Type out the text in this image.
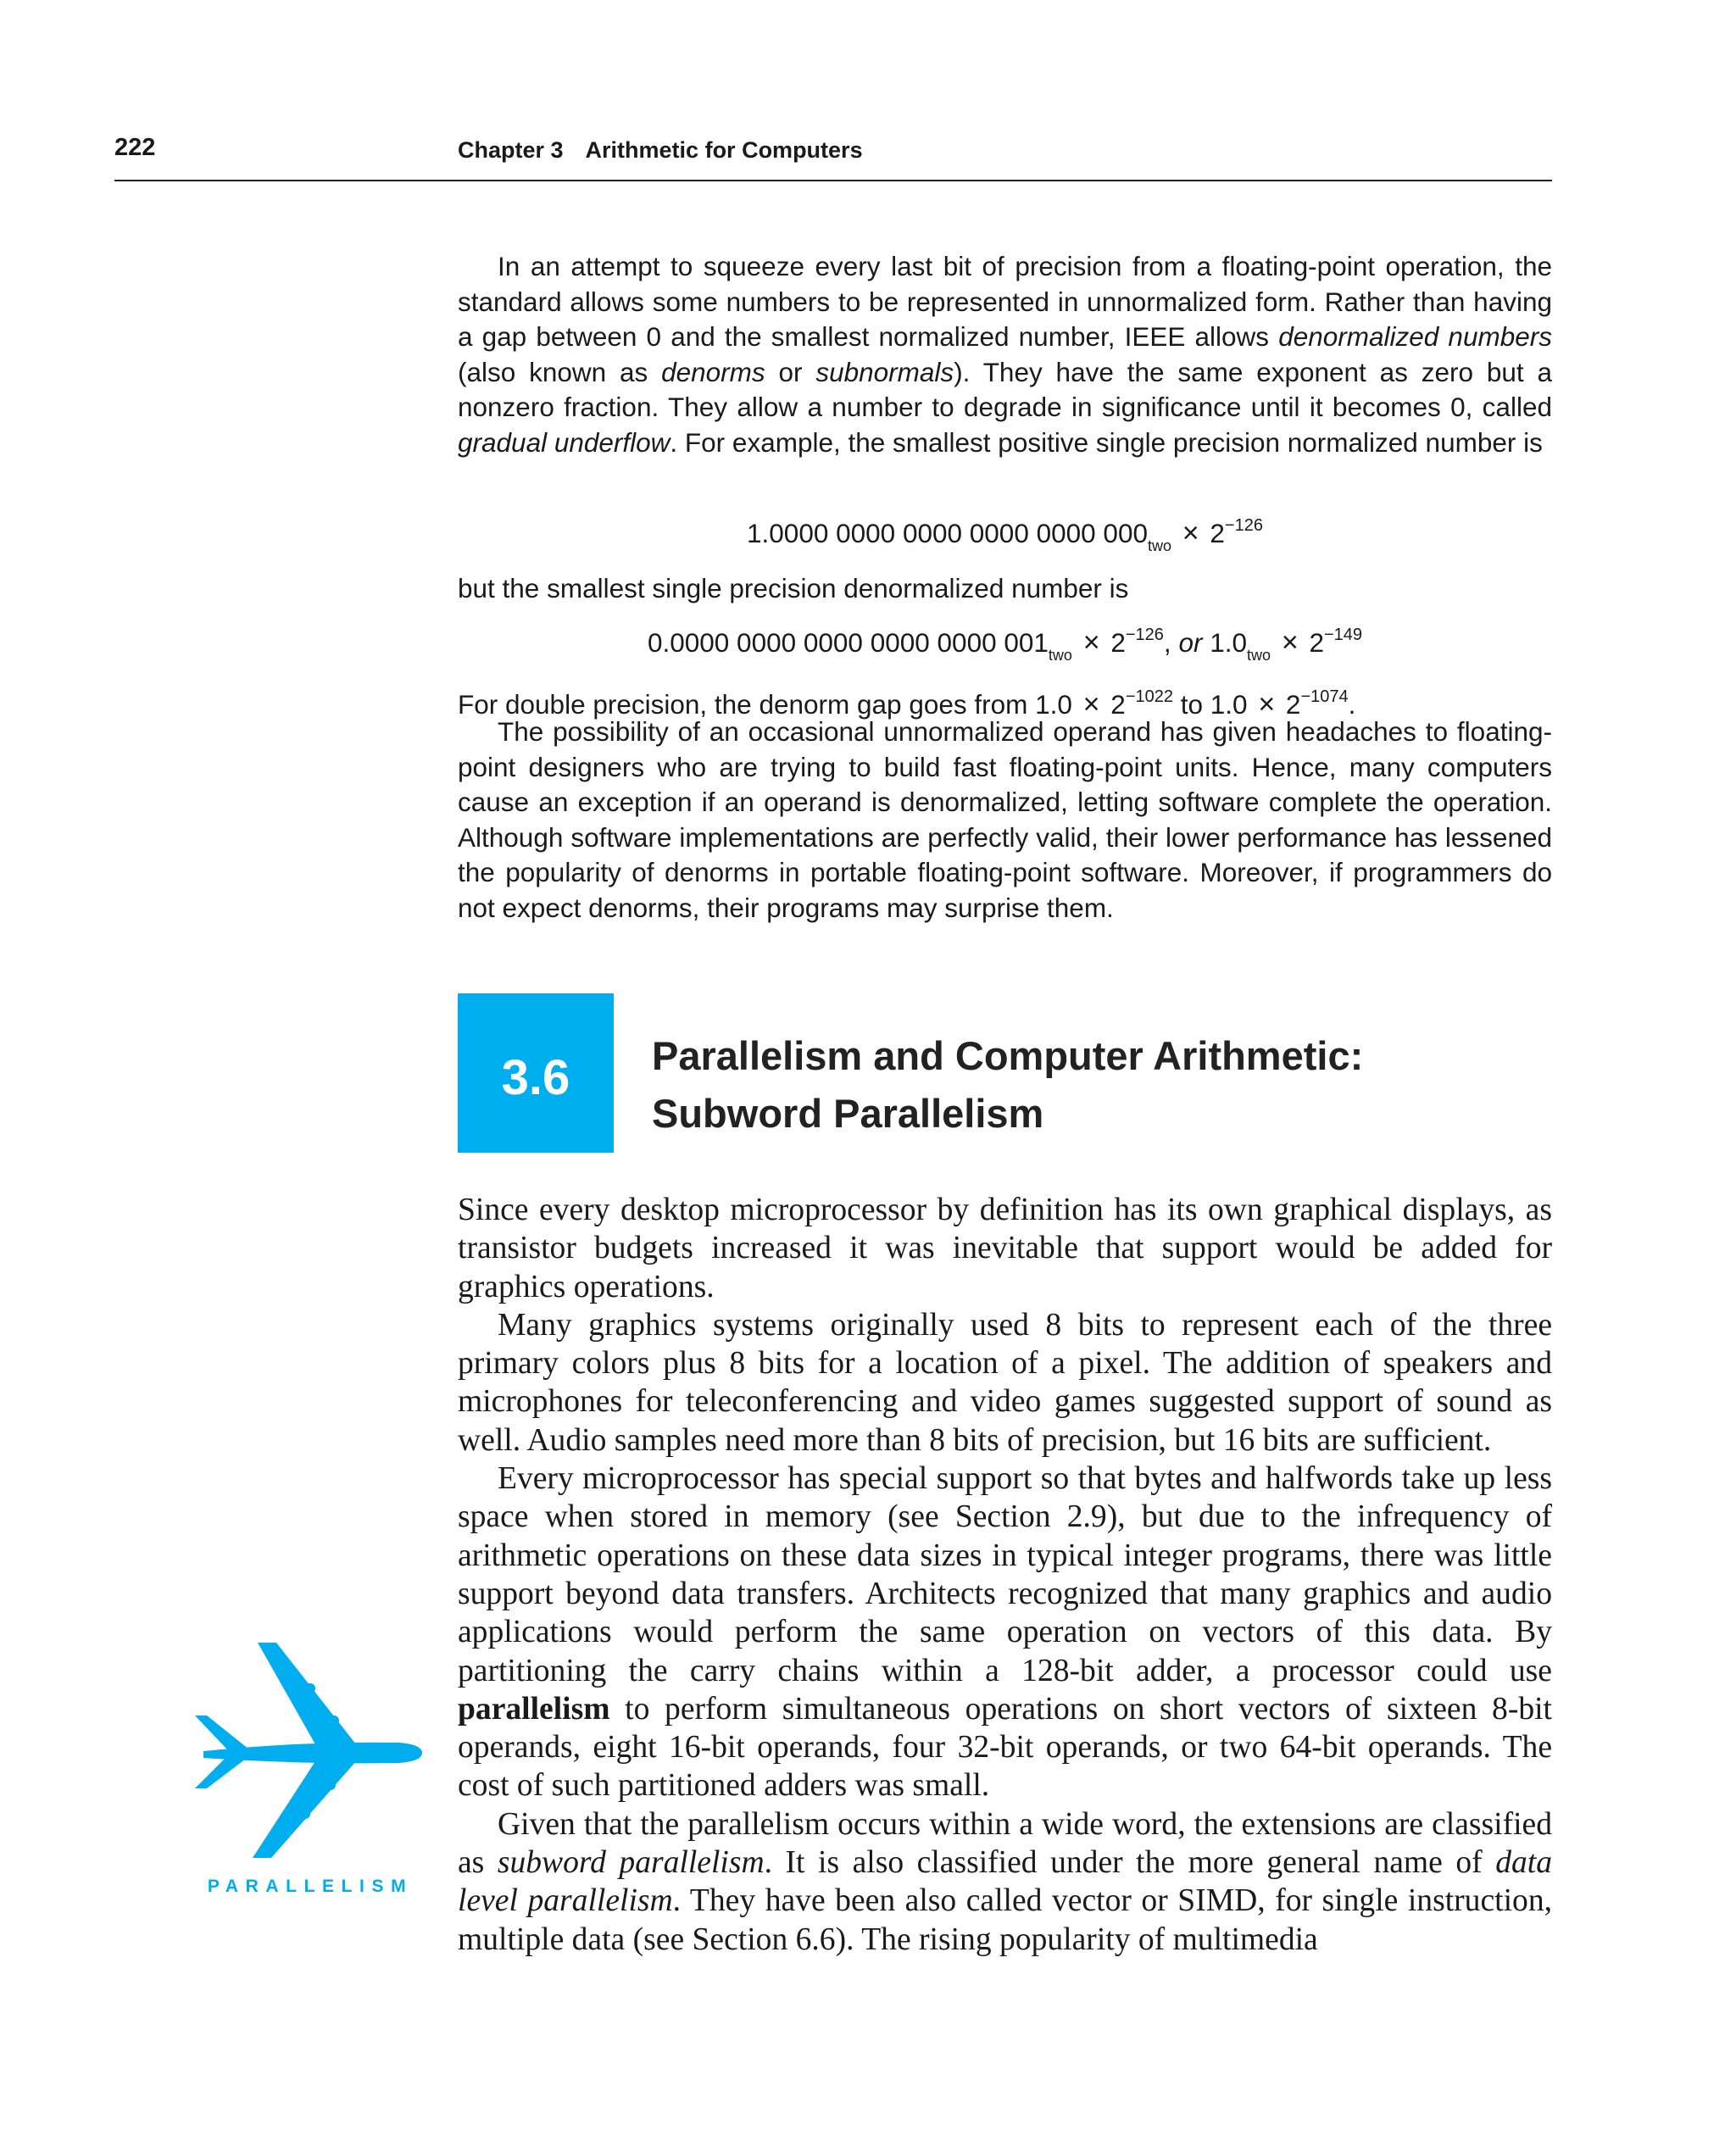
222	Chapter 3 Arithmetic for Computers

In an attempt to squeeze every last bit of precision from a floating-point operation, the standard allows some numbers to be represented in unnormalized form. Rather than having a gap between 0 and the smallest normalized number, IEEE allows denormalized numbers (also known as denorms or subnormals). They have the same exponent as zero but a nonzero fraction. They allow a number to degrade in significance until it becomes 0, called gradual underflow. For example, the smallest positive single precision normalized number is

1.0000 0000 0000 0000 0000 $000_{two} \times 2^{-126}$
but the smallest single precision denormalized number is
0.0000 0000 0000 0000 0000 $001_{two} \times 2^{-126}$, or $1.0_{two} \times 2^{-149}$
For double precision, the denorm gap goes from $1.0 \times 2^{-1022}$ to $1.0 \times 2^{-1074}$.

The possibility of an occasional unnormalized operand has given headaches to floating-point designers who are trying to build fast floating-point units. Hence, many computers cause an exception if an operand is denormalized, letting software complete the operation. Although software implementations are perfectly valid, their lower performance has lessened the popularity of denorms in portable floating-point software. Moreover, if programmers do not expect denorms, their programs may surprise them.

3.6	Parallelism and Computer Arithmetic:
Subword Parallelism

Since every desktop microprocessor by definition has its own graphical displays, as transistor budgets increased it was inevitable that support would be added for graphics operations.

Many graphics systems originally used 8 bits to represent each of the three primary colors plus 8 bits for a location of a pixel. The addition of speakers and microphones for teleconferencing and video games suggested support of sound as well. Audio samples need more than 8 bits of precision, but 16 bits are sufficient.

Every microprocessor has special support so that bytes and halfwords take up less space when stored in memory (see Section 2.9), but due to the infrequency of arithmetic operations on these data sizes in typical integer programs, there was little support beyond data transfers. Architects recognized that many graphics and audio applications would perform the same operation on vectors of this data. By partitioning the carry chains within a 128-bit adder, a processor could use parallelism to perform simultaneous operations on short vectors of sixteen 8-bit operands, eight 16-bit operands, four 32-bit operands, or two 64-bit operands. The cost of such partitioned adders was small.

Given that the parallelism occurs within a wide word, the extensions are classified as subword parallelism. It is also classified under the more general name of data level parallelism. They have been also called vector or SIMD, for single instruction, multiple data (see Section 6.6). The rising popularity of multimedia

PARALLELISM
